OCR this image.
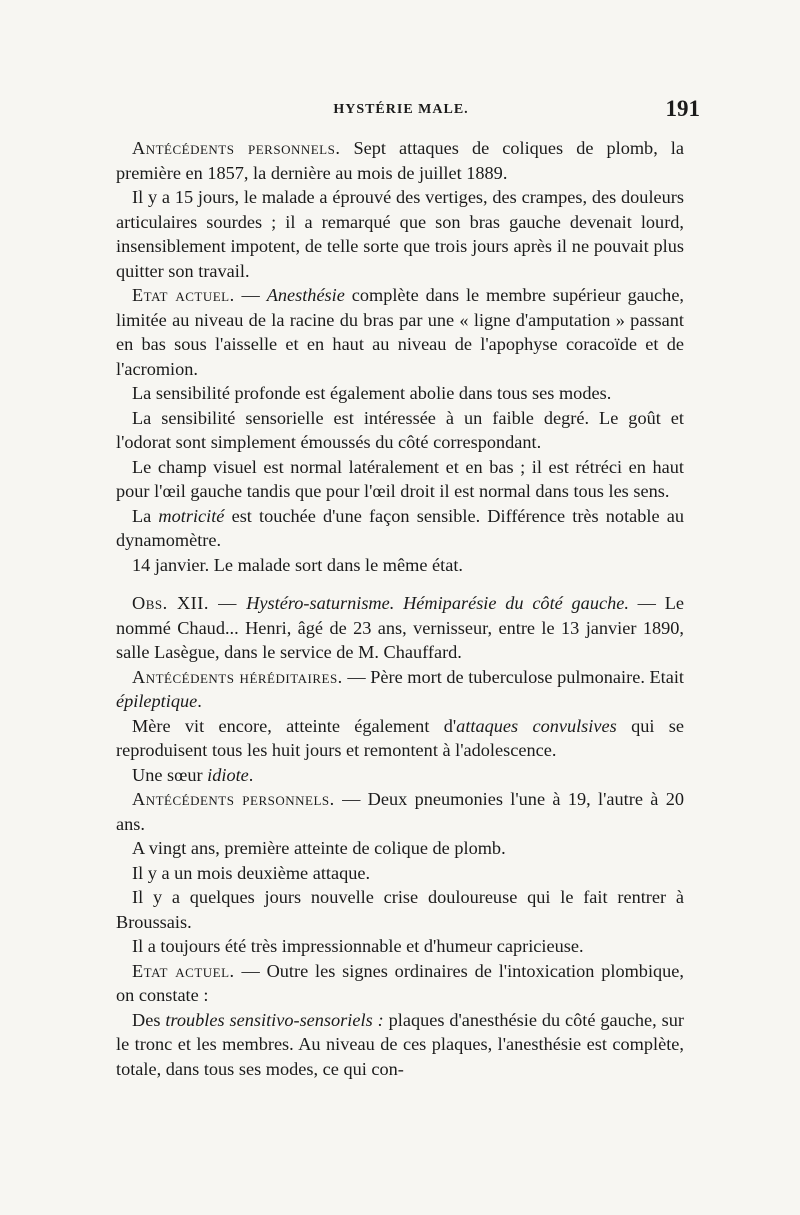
HYSTÉRIE MALE.	191

Antécédents personnels. Sept attaques de coliques de plomb, la première en 1857, la dernière au mois de juillet 1889.

Il y a 15 jours, le malade a éprouvé des vertiges, des crampes, des douleurs articulaires sourdes ; il a remarqué que son bras gauche devenait lourd, insensiblement impotent, de telle sorte que trois jours après il ne pouvait plus quitter son travail.

Etat actuel. — Anesthésie complète dans le membre supérieur gauche, limitée au niveau de la racine du bras par une « ligne d'amputation » passant en bas sous l'aisselle et en haut au niveau de l'apophyse coracoïde et de l'acromion.

La sensibilité profonde est également abolie dans tous ses modes.

La sensibilité sensorielle est intéressée à un faible degré. Le goût et l'odorat sont simplement émoussés du côté correspondant.

Le champ visuel est normal latéralement et en bas ; il est rétréci en haut pour l'œil gauche tandis que pour l'œil droit il est normal dans tous les sens.

La motricité est touchée d'une façon sensible. Différence très notable au dynamomètre.

14 janvier. Le malade sort dans le même état.

Obs. XII. — Hystéro-saturnisme. Hémiparésie du côté gauche. — Le nommé Chaud... Henri, âgé de 23 ans, vernisseur, entre le 13 janvier 1890, salle Lasègue, dans le service de M. Chauffard.

Antécédents héréditaires. — Père mort de tuberculose pulmonaire. Etait épileptique.

Mère vit encore, atteinte également d'attaques convulsives qui se reproduisent tous les huit jours et remontent à l'adolescence.

Une sœur idiote.

Antécédents personnels. — Deux pneumonies l'une à 19, l'autre à 20 ans.

A vingt ans, première atteinte de colique de plomb.

Il y a un mois deuxième attaque.

Il y a quelques jours nouvelle crise douloureuse qui le fait rentrer à Broussais.

Il a toujours été très impressionnable et d'humeur capricieuse.

Etat actuel. — Outre les signes ordinaires de l'intoxication plombique, on constate :

Des troubles sensitivo-sensoriels : plaques d'anesthésie du côté gauche, sur le tronc et les membres. Au niveau de ces plaques, l'anesthésie est complète, totale, dans tous ses modes, ce qui con-
